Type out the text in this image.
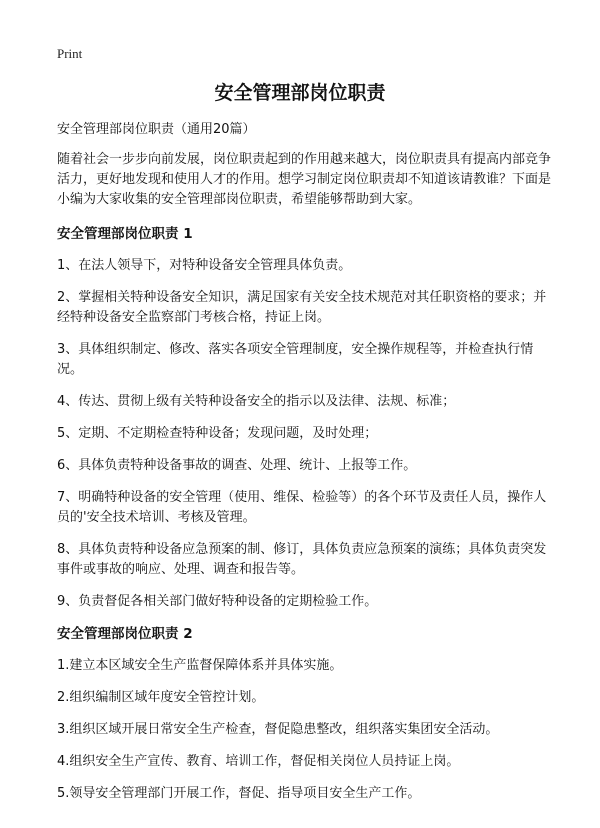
Print
安全管理部岗位职责

安全管理部岗位职责（通用20篇）

随着社会一步步向前发展，岗位职责起到的作用越来越大，岗位职责具有提高内部竞争活力，更好地发现和使用人才的作用。想学习制定岗位职责却不知道该请教谁？下面是小编为大家收集的安全管理部岗位职责，希望能够帮助到大家。

安全管理部岗位职责 1

1、在法人领导下，对特种设备安全管理具体负责。

2、掌握相关特种设备安全知识，满足国家有关安全技术规范对其任职资格的要求；并经特种设备安全监察部门考核合格，持证上岗。

3、具体组织制定、修改、落实各项安全管理制度，安全操作规程等，并检查执行情况。

4、传达、贯彻上级有关特种设备安全的指示以及法律、法规、标准；

5、定期、不定期检查特种设备；发现问题，及时处理；

6、具体负责特种设备事故的调查、处理、统计、上报等工作。

7、明确特种设备的安全管理（使用、维保、检验等）的各个环节及责任人员，操作人员的'安全技术培训、考核及管理。

8、具体负责特种设备应急预案的制、修订，具体负责应急预案的演练；具体负责突发事件或事故的响应、处理、调查和报告等。

9、负责督促各相关部门做好特种设备的定期检验工作。

安全管理部岗位职责 2

1.建立本区域安全生产监督保障体系并具体实施。

2.组织编制区域年度安全管控计划。

3.组织区域开展日常安全生产检查，督促隐患整改，组织落实集团安全活动。

4.组织安全生产宣传、教育、培训工作，督促相关岗位人员持证上岗。

5.领导安全管理部门开展工作，督促、指导项目安全生产工作。
